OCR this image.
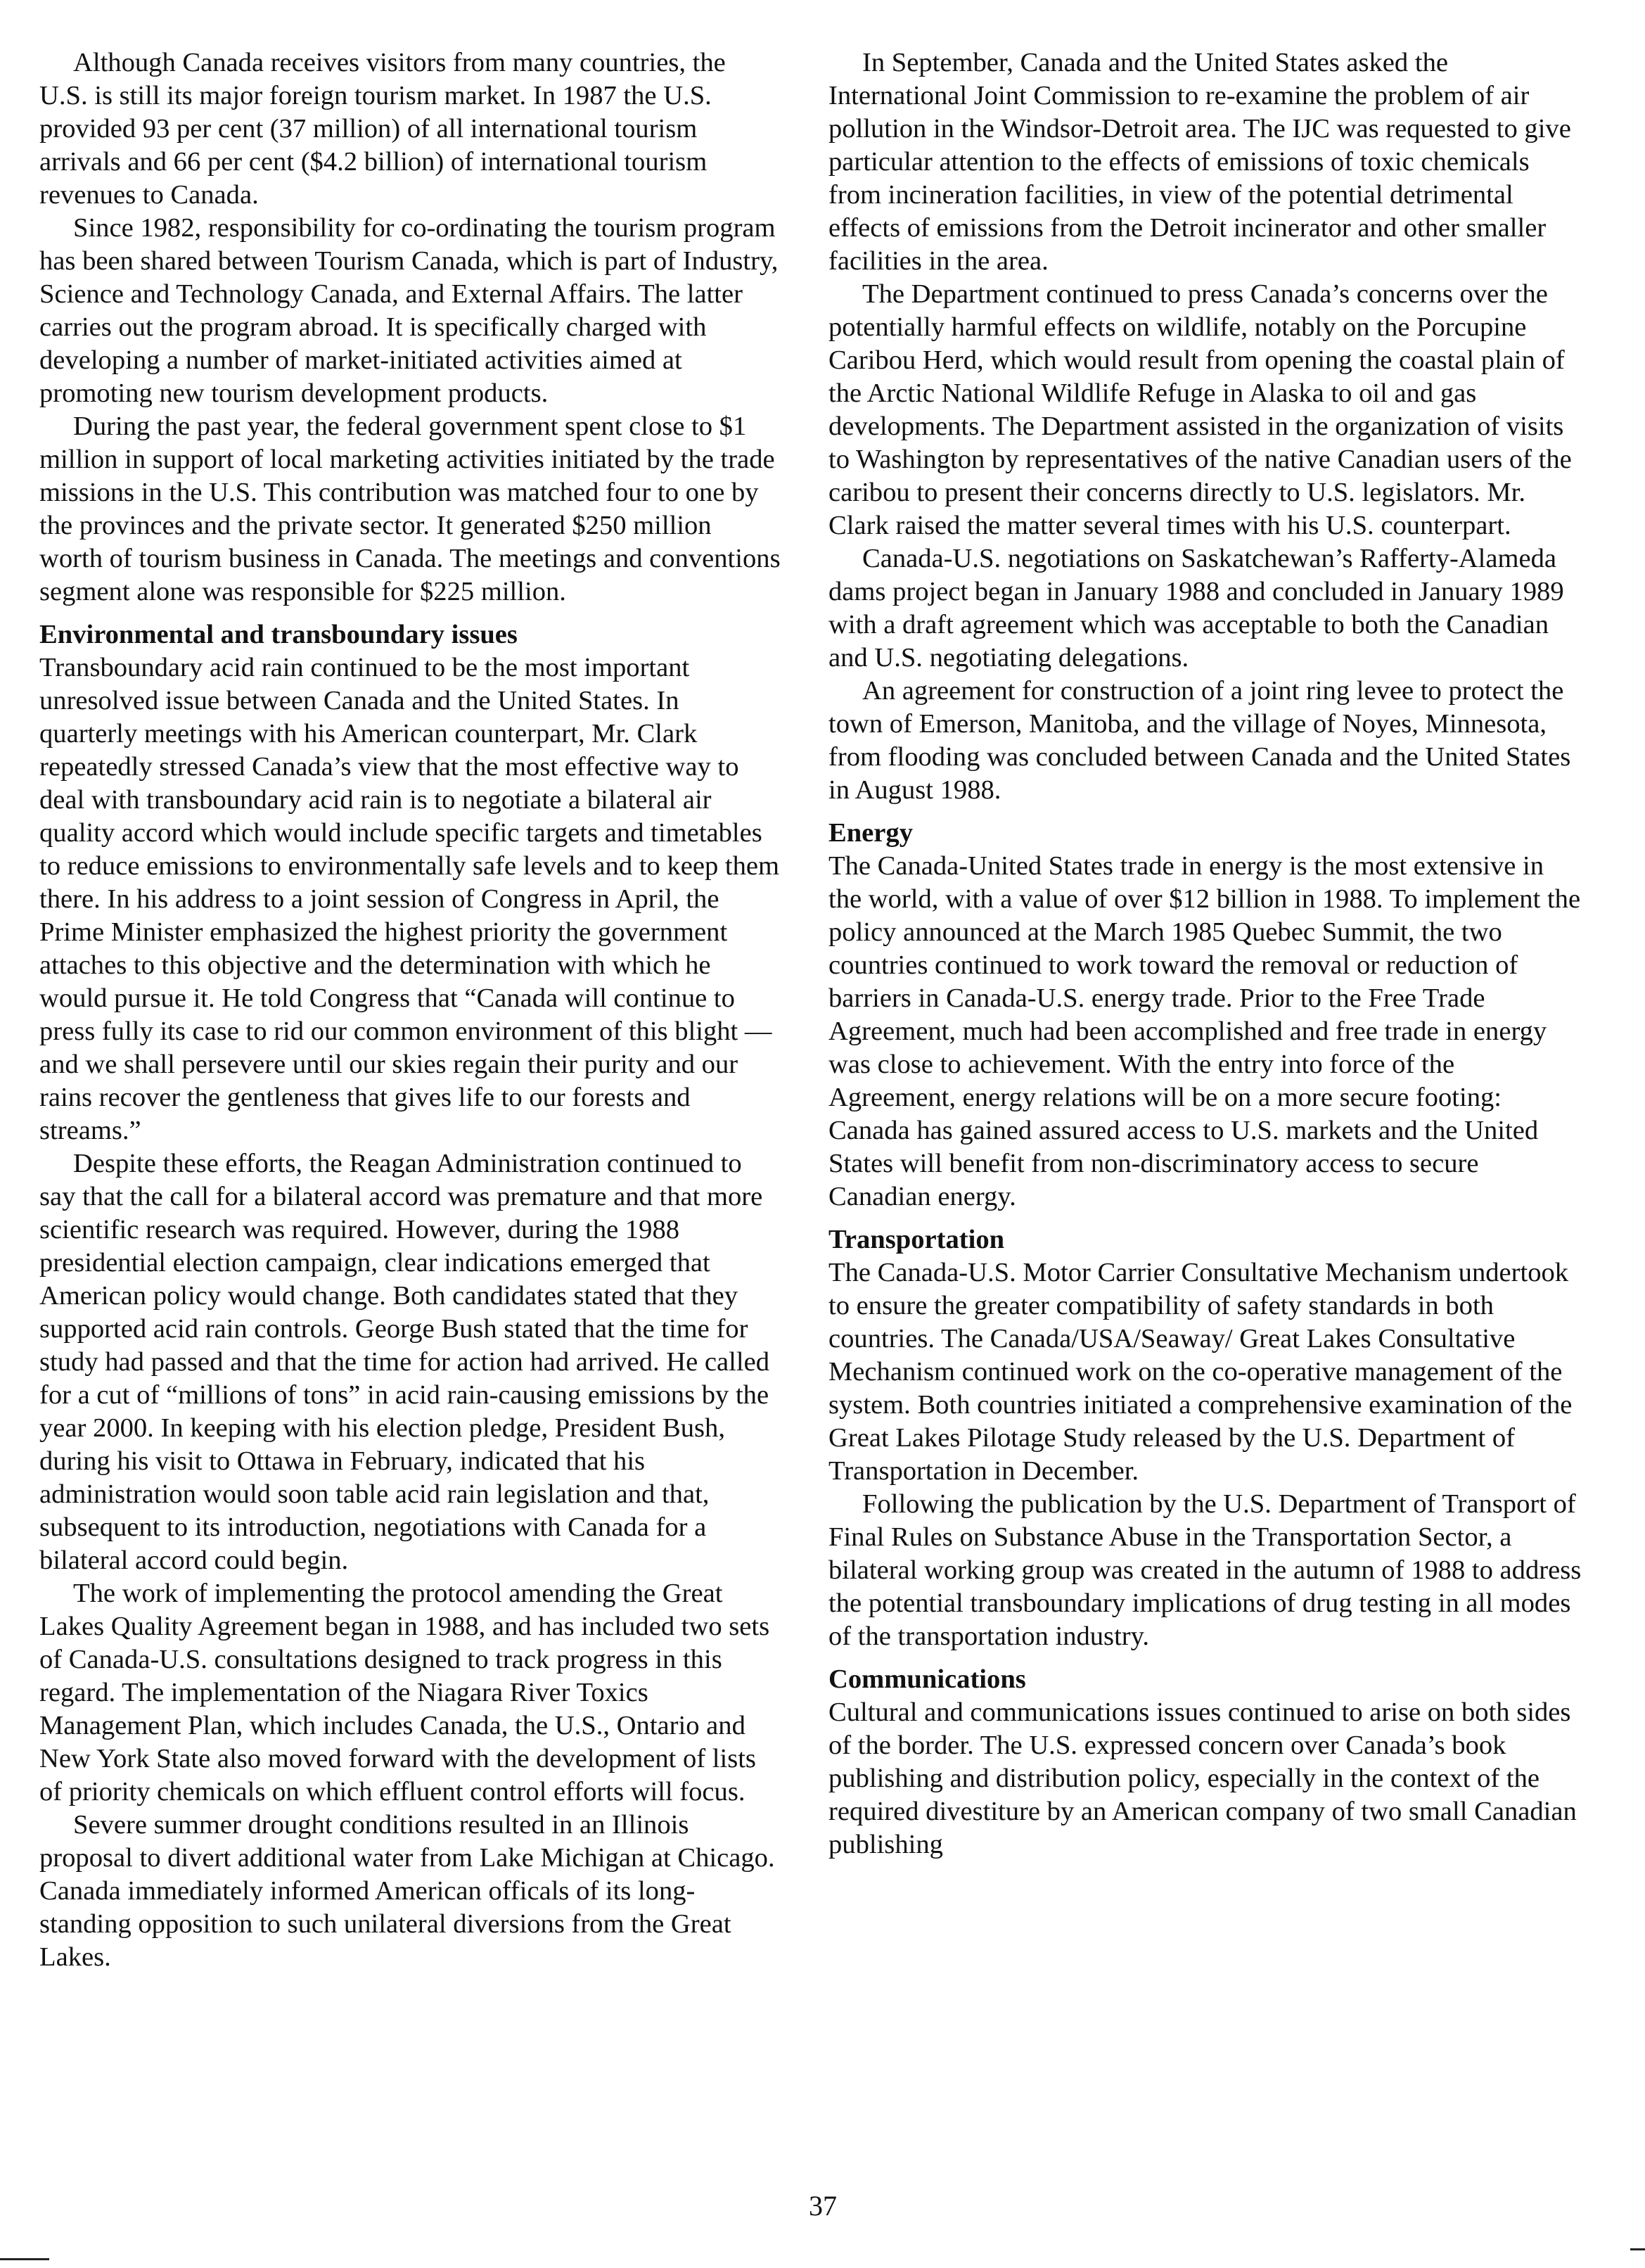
Although Canada receives visitors from many countries, the U.S. is still its major foreign tourism market. In 1987 the U.S. provided 93 per cent (37 million) of all international tourism arrivals and 66 per cent ($4.2 billion) of international tourism revenues to Canada.

Since 1982, responsibility for co-ordinating the tourism program has been shared between Tourism Canada, which is part of Industry, Science and Technology Canada, and External Affairs. The latter carries out the program abroad. It is specifically charged with developing a number of market-initiated activities aimed at promoting new tourism development products.

During the past year, the federal government spent close to $1 million in support of local marketing activities initiated by the trade missions in the U.S. This contribution was matched four to one by the provinces and the private sector. It generated $250 million worth of tourism business in Canada. The meetings and conventions segment alone was responsible for $225 million.

Environmental and transboundary issues

Transboundary acid rain continued to be the most important unresolved issue between Canada and the United States. In quarterly meetings with his American counterpart, Mr. Clark repeatedly stressed Canada’s view that the most effective way to deal with transboundary acid rain is to negotiate a bilateral air quality accord which would include specific targets and timetables to reduce emissions to environmentally safe levels and to keep them there. In his address to a joint session of Congress in April, the Prime Minister emphasized the highest priority the government attaches to this objective and the determination with which he would pursue it. He told Congress that “Canada will continue to press fully its case to rid our common environment of this blight — and we shall persevere until our skies regain their purity and our rains recover the gentleness that gives life to our forests and streams.”

Despite these efforts, the Reagan Administration continued to say that the call for a bilateral accord was premature and that more scientific research was required. However, during the 1988 presidential election campaign, clear indications emerged that American policy would change. Both candidates stated that they supported acid rain controls. George Bush stated that the time for study had passed and that the time for action had arrived. He called for a cut of “millions of tons” in acid rain-causing emissions by the year 2000. In keeping with his election pledge, President Bush, during his visit to Ottawa in February, indicated that his administration would soon table acid rain legislation and that, subsequent to its introduction, negotiations with Canada for a bilateral accord could begin.

The work of implementing the protocol amending the Great Lakes Quality Agreement began in 1988, and has included two sets of Canada-U.S. consultations designed to track progress in this regard. The implementation of the Niagara River Toxics Management Plan, which includes Canada, the U.S., Ontario and New York State also moved forward with the development of lists of priority chemicals on which effluent control efforts will focus.

Severe summer drought conditions resulted in an Illinois proposal to divert additional water from Lake Michigan at Chicago. Canada immediately informed American officals of its long-standing opposition to such unilateral diversions from the Great Lakes.

In September, Canada and the United States asked the International Joint Commission to re-examine the problem of air pollution in the Windsor-Detroit area. The IJC was requested to give particular attention to the effects of emissions of toxic chemicals from incineration facilities, in view of the potential detrimental effects of emissions from the Detroit incinerator and other smaller facilities in the area.

The Department continued to press Canada’s concerns over the potentially harmful effects on wildlife, notably on the Porcupine Caribou Herd, which would result from opening the coastal plain of the Arctic National Wildlife Refuge in Alaska to oil and gas developments. The Department assisted in the organization of visits to Washington by representatives of the native Canadian users of the caribou to present their concerns directly to U.S. legislators. Mr. Clark raised the matter several times with his U.S. counterpart.

Canada-U.S. negotiations on Saskatchewan’s Rafferty-Alameda dams project began in January 1988 and concluded in January 1989 with a draft agreement which was acceptable to both the Canadian and U.S. negotiating delegations.

An agreement for construction of a joint ring levee to protect the town of Emerson, Manitoba, and the village of Noyes, Minnesota, from flooding was concluded between Canada and the United States in August 1988.

Energy

The Canada-United States trade in energy is the most extensive in the world, with a value of over $12 billion in 1988. To implement the policy announced at the March 1985 Quebec Summit, the two countries continued to work toward the removal or reduction of barriers in Canada-U.S. energy trade. Prior to the Free Trade Agreement, much had been accomplished and free trade in energy was close to achievement. With the entry into force of the Agreement, energy relations will be on a more secure footing: Canada has gained assured access to U.S. markets and the United States will benefit from non-discriminatory access to secure Canadian energy.

Transportation

The Canada-U.S. Motor Carrier Consultative Mechanism undertook to ensure the greater compatibility of safety standards in both countries. The Canada/USA/Seaway/ Great Lakes Consultative Mechanism continued work on the co-operative management of the system. Both countries initiated a comprehensive examination of the Great Lakes Pilotage Study released by the U.S. Department of Transportation in December.

Following the publication by the U.S. Department of Transport of Final Rules on Substance Abuse in the Transportation Sector, a bilateral working group was created in the autumn of 1988 to address the potential transboundary implications of drug testing in all modes of the transportation industry.

Communications

Cultural and communications issues continued to arise on both sides of the border. The U.S. expressed concern over Canada’s book publishing and distribution policy, especially in the context of the required divestiture by an American company of two small Canadian publishing

37
